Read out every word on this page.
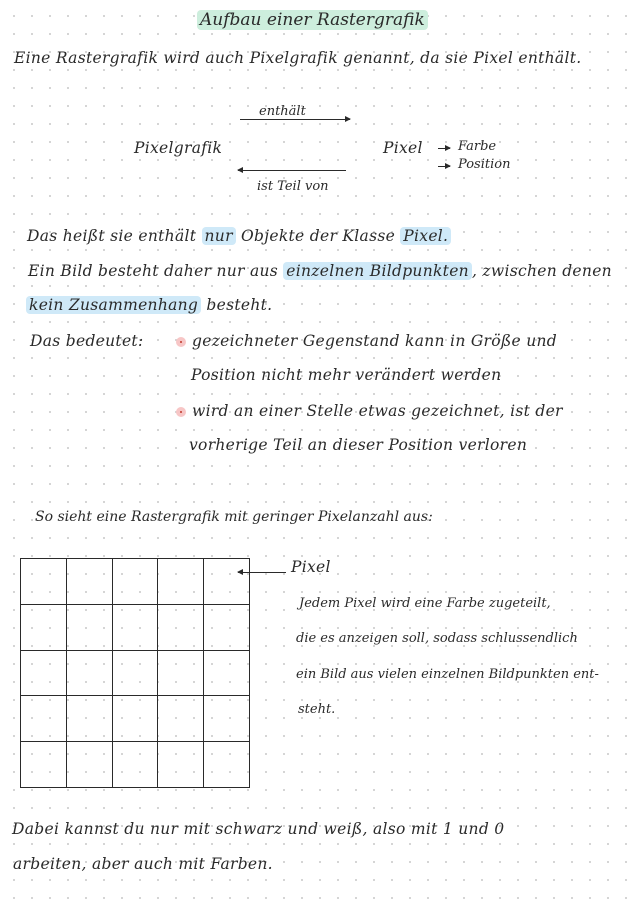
Aufbau einer Rastergrafik
Eine Rastergrafik wird auch Pixelgrafik genannt, da sie Pixel enthält.
enthält
Pixelgrafik	Pixel	Farbe
Position
ist Teil von
Das heißt sie enthält nur Objekte der Klasse Pixel.
Ein Bild besteht daher nur aus einzelnen Bildpunkten , zwischen denen
kein Zusammenhang besteht.
Das bedeutet:	gezeichneter Gegenstand kann in Größe und
Position nicht mehr verändert werden
wird an einer Stelle etwas gezeichnet, ist der
vorherige Teil an dieser Position verloren
So sieht eine Rastergrafik mit geringer Pixelanzahl aus:

Pixel
Jedem Pixel wird eine Farbe zugeteilt,
die es anzeigen soll, sodass schlussendlich
ein Bild aus vielen einzelnen Bildpunkten ent-
steht.
Dabei kannst du nur mit schwarz und weiß, also mit 1 und 0
arbeiten, aber auch mit Farben.
